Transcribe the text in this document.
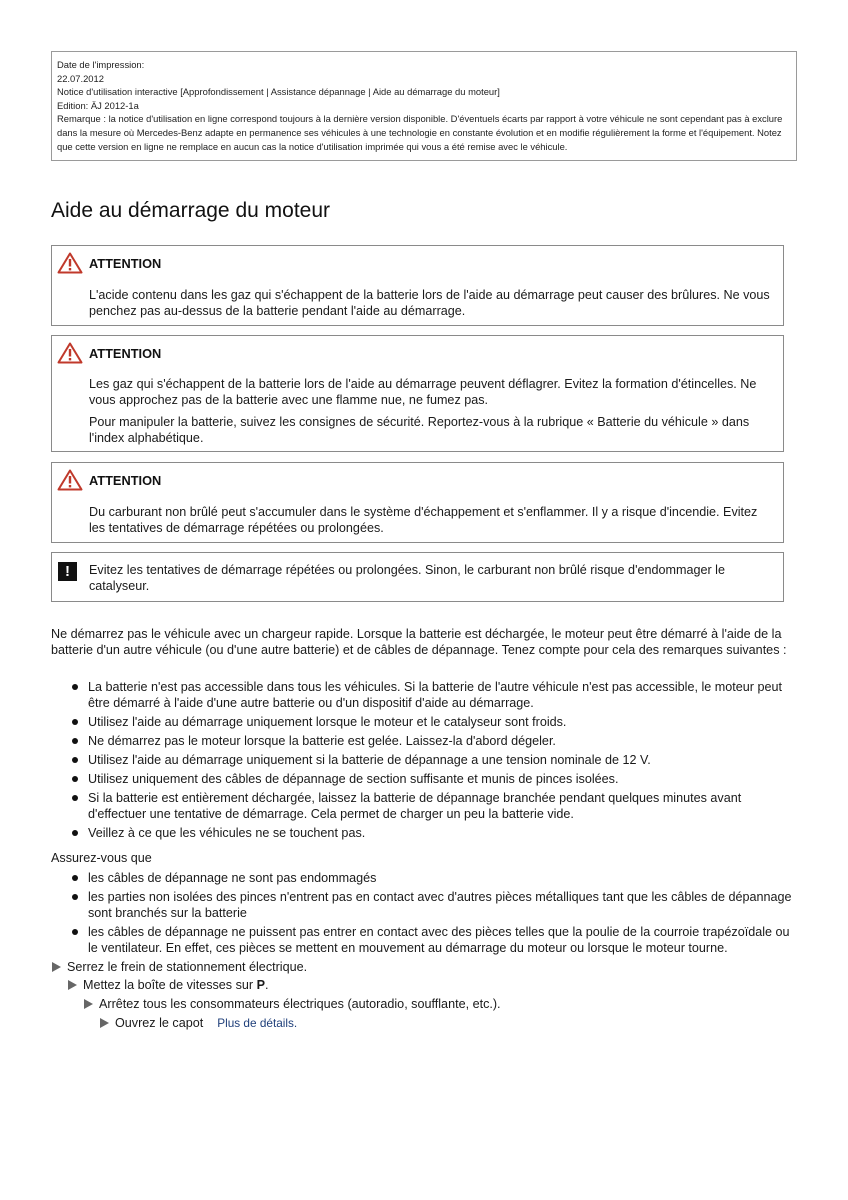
Date de l'impression:
22.07.2012
Notice d'utilisation interactive [Approfondissement | Assistance dépannage | Aide au démarrage du moteur]
Edition: ÄJ 2012-1a
Remarque : la notice d'utilisation en ligne correspond toujours à la dernière version disponible. D'éventuels écarts par rapport à votre véhicule ne sont cependant pas à exclure dans la mesure où Mercedes-Benz adapte en permanence ses véhicules à une technologie en constante évolution et en modifie régulièrement la forme et l'équipement. Notez que cette version en ligne ne remplace en aucun cas la notice d'utilisation imprimée qui vous a été remise avec le véhicule.
Aide au démarrage du moteur
ATTENTION
L'acide contenu dans les gaz qui s'échappent de la batterie lors de l'aide au démarrage peut causer des brûlures. Ne vous penchez pas au-dessus de la batterie pendant l'aide au démarrage.
ATTENTION
Les gaz qui s'échappent de la batterie lors de l'aide au démarrage peuvent déflagrer. Evitez la formation d'étincelles. Ne vous approchez pas de la batterie avec une flamme nue, ne fumez pas.
Pour manipuler la batterie, suivez les consignes de sécurité. Reportez-vous à la rubrique « Batterie du véhicule » dans l'index alphabétique.
ATTENTION
Du carburant non brûlé peut s'accumuler dans le système d'échappement et s'enflammer. Il y a risque d'incendie. Evitez les tentatives de démarrage répétées ou prolongées.
!	Evitez les tentatives de démarrage répétées ou prolongées. Sinon, le carburant non brûlé risque d'endommager le catalyseur.
Ne démarrez pas le véhicule avec un chargeur rapide. Lorsque la batterie est déchargée, le moteur peut être démarré à l'aide de la batterie d'un autre véhicule (ou d'une autre batterie) et de câbles de dépannage. Tenez compte pour cela des remarques suivantes :
La batterie n'est pas accessible dans tous les véhicules. Si la batterie de l'autre véhicule n'est pas accessible, le moteur peut être démarré à l'aide d'une autre batterie ou d'un dispositif d'aide au démarrage.
Utilisez l'aide au démarrage uniquement lorsque le moteur et le catalyseur sont froids.
Ne démarrez pas le moteur lorsque la batterie est gelée. Laissez-la d'abord dégeler.
Utilisez l'aide au démarrage uniquement si la batterie de dépannage a une tension nominale de 12 V.
Utilisez uniquement des câbles de dépannage de section suffisante et munis de pinces isolées.
Si la batterie est entièrement déchargée, laissez la batterie de dépannage branchée pendant quelques minutes avant d'effectuer une tentative de démarrage. Cela permet de charger un peu la batterie vide.
Veillez à ce que les véhicules ne se touchent pas.
Assurez-vous que
les câbles de dépannage ne sont pas endommagés
les parties non isolées des pinces n'entrent pas en contact avec d'autres pièces métalliques tant que les câbles de dépannage sont branchés sur la batterie
les câbles de dépannage ne puissent pas entrer en contact avec des pièces telles que la poulie de la courroie trapézoïdale ou le ventilateur. En effet, ces pièces se mettent en mouvement au démarrage du moteur ou lorsque le moteur tourne.
Serrez le frein de stationnement électrique.
Mettez la boîte de vitesses sur P.
Arrêtez tous les consommateurs électriques (autoradio, soufflante, etc.).
Ouvrez le capot Plus de détails.
